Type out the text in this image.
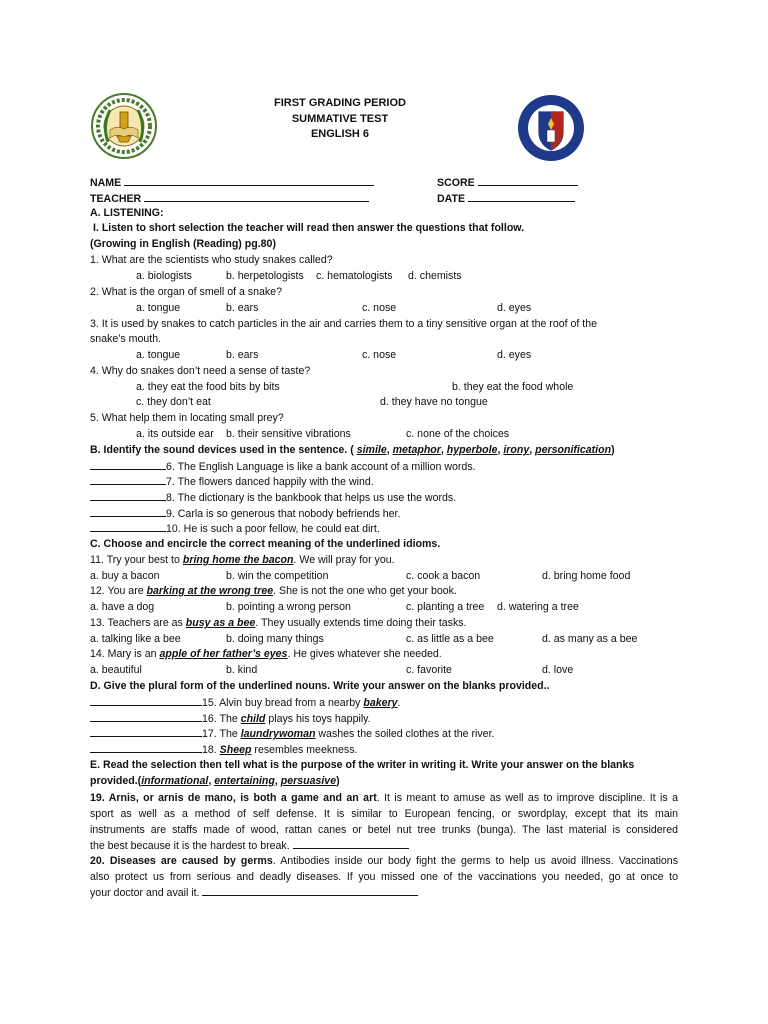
FIRST GRADING PERIOD
SUMMATIVE TEST
ENGLISH 6
NAME
TEACHER
SCORE
DATE
A. LISTENING:
I. Listen to short selection the teacher will read then answer the questions that follow.
(Growing in English (Reading) pg.80)
1. What are the scientists who study snakes called?
a. biologists	b. herpetologists c. hematologists d. chemists
2. What is the organ of smell of a snake?
a. tongue	b. ears	c. nose	d. eyes
3. It is used by snakes to catch particles in the air and carries them to a tiny sensitive organ at the roof of the
snake’s mouth.
a. tongue	b. ears	c. nose	d. eyes
4. Why do snakes don’t need a sense of taste?
a. they eat the food bits by bits	b. they eat the food whole
c. they don’t eat	d. they have no tongue
5. What help them in locating small prey?
a. its outside ear b. their sensitive vibrations	c. none of the choices
B. Identify the sound devices used in the sentence. ( simile, metaphor, hyperbole, irony, personification)
6. The English Language is like a bank account of a million words.
7. The flowers danced happily with the wind.
8. The dictionary is the bankbook that helps us use the words.
9. Carla is so generous that nobody befriends her.
10. He is such a poor fellow, he could eat dirt.
C. Choose and encircle the correct meaning of the underlined idioms.
11. Try your best to bring home the bacon. We will pray for you.
a. buy a bacon	b. win the competition	c. cook a bacon	d. bring home food
12. You are barking at the wrong tree. She is not the one who get your book.
a. have a dog	b. pointing a wrong person	c. planting a tree d. watering a tree
13. Teachers are as busy as a bee. They usually extends time doing their tasks.
a. talking like a bee	b. doing many things	c. as little as a bee	d. as many as a bee
14. Mary is an apple of her father’s eyes. He gives whatever she needed.
a. beautiful	b. kind	c. favorite	d. love
D. Give the plural form of the underlined nouns. Write your answer on the blanks provided..
15. Alvin buy bread from a nearby bakery.
16. The child plays his toys happily.
17. The laundrywoman washes the soiled clothes at the river.
18. Sheep resembles meekness.
E. Read the selection then tell what is the purpose of the writer in writing it. Write your answer on the blanks
provided.(informational, entertaining, persuasive)
19. Arnis, or arnis de mano, is both a game and an art. It is meant to amuse as well as to improve discipline. It is a
sport as well as a method of self defense. It is similar to European fencing, or swordplay, except that its main
instruments are staffs made of wood, rattan canes or betel nut tree trunks (bunga). The last material is considered
the best because it is the hardest to break.
20. Diseases are caused by germs. Antibodies inside our body fight the germs to help us avoid illness. Vaccinations
also protect us from serious and deadly diseases. If you missed one of the vaccinations you needed, go at once to
your doctor and avail it.
